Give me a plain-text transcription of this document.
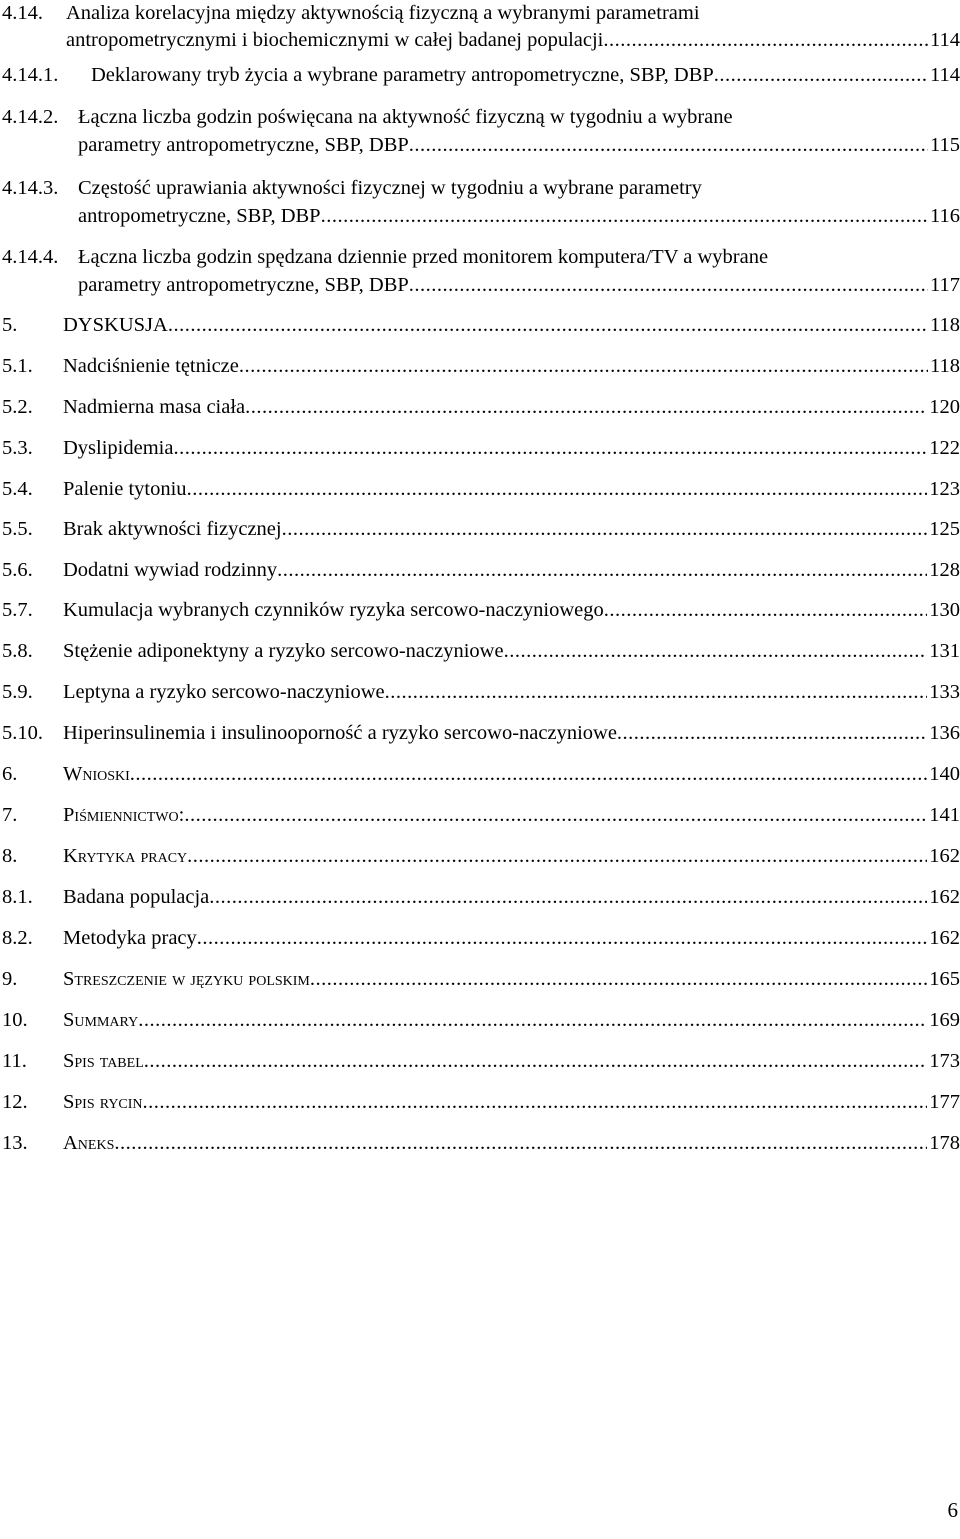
4.14. Analiza korelacyjna między aktywnością fizyczną a wybranymi parametrami
antropometrycznymi i biochemicznymi w całej badanej populacji .....	114
4.14.1. Deklarowany tryb życia a wybrane parametry antropometryczne, SBP, DBP .....	114
4.14.2. Łączna liczba godzin poświęcana na aktywność fizyczną w tygodniu a wybrane
parametry antropometryczne, SBP, DBP .....	115
4.14.3. Częstość uprawiania aktywności fizycznej w tygodniu a wybrane parametry
antropometryczne, SBP, DBP .....	116
4.14.4. Łączna liczba godzin spędzana dziennie przed monitorem komputera/TV a wybrane
parametry antropometryczne, SBP, DBP .....	117
5. DYSKUSJA .....	118
5.1. Nadciśnienie tętnicze .....	118
5.2. Nadmierna masa ciała .....	120
5.3. Dyslipidemia .....	122
5.4. Palenie tytoniu .....	123
5.5. Brak aktywności fizycznej .....	125
5.6. Dodatni wywiad rodzinny .....	128
5.7. Kumulacja wybranych czynników ryzyka sercowo-naczyniowego .....	130
5.8. Stężenie adiponektyny a ryzyko sercowo-naczyniowe .....	131
5.9. Leptyna a ryzyko sercowo-naczyniowe .....	133
5.10. Hiperinsulinemia i insulinooporność a ryzyko sercowo-naczyniowe .....	136
6. Wnioski .....	140
7. Piśmiennictwo: .....	141
8. Krytyka pracy .....	162
8.1. Badana populacja .....	162
8.2. Metodyka pracy .....	162
9. Streszczenie w języku polskim .....	165
10. Summary .....	169
11. Spis tabel .....	173
12. Spis rycin .....	177
13. Aneks .....	178
6
